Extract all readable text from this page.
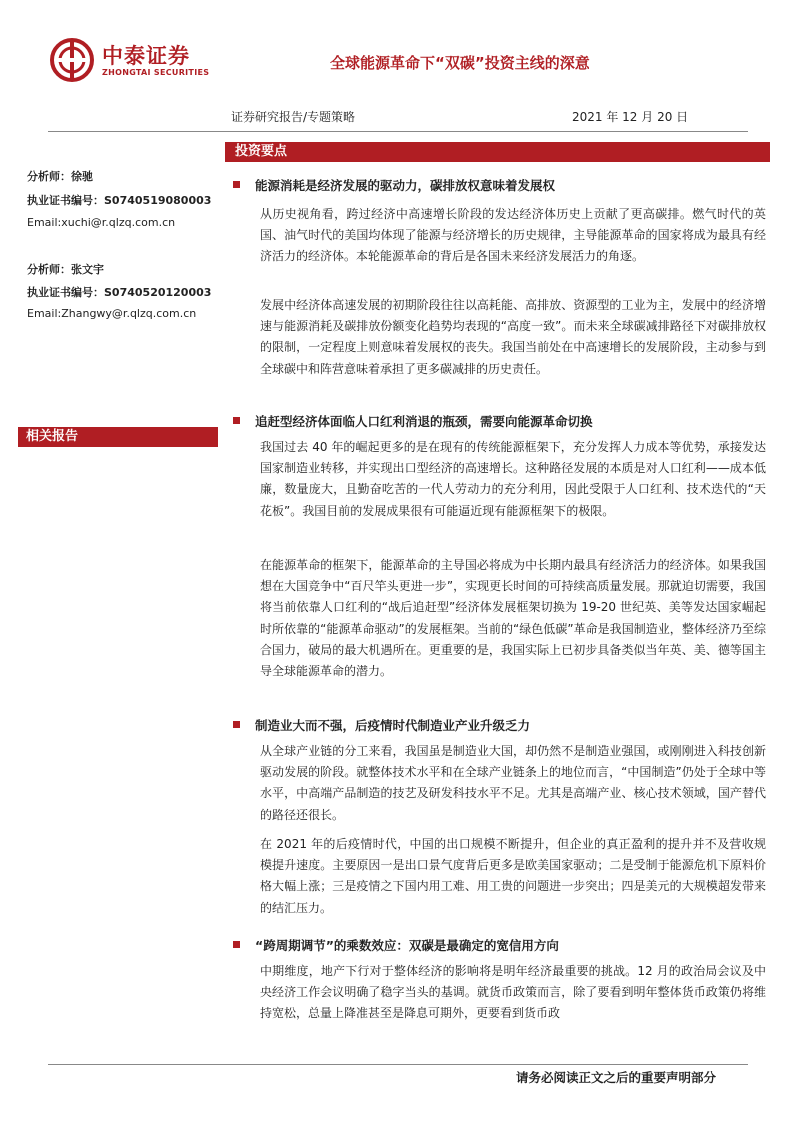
中泰证券
ZHONGTAI SECURITIES
全球能源革命下“双碳”投资主线的深意
证券研究报告/专题策略	2021 年 12 月 20 日
分析师：徐驰
执业证书编号：S0740519080003
Email:xuchi@r.qlzq.com.cn
分析师：张文宇
执业证书编号：S0740520120003
Email:Zhangwy@r.qlzq.com.cn
相关报告
投资要点
能源消耗是经济发展的驱动力，碳排放权意味着发展权

从历史视角看，跨过经济中高速增长阶段的发达经济体历史上贡献了更高碳排。燃气时代的英国、油气时代的美国均体现了能源与经济增长的历史规律，主导能源革命的国家将成为最具有经济活力的经济体。本轮能源革命的背后是各国未来经济发展活力的角逐。

发展中经济体高速发展的初期阶段往往以高耗能、高排放、资源型的工业为主，发展中的经济增速与能源消耗及碳排放份额变化趋势均表现的“高度一致”。而未来全球碳减排路径下对碳排放权的限制，一定程度上则意味着发展权的丧失。我国当前处在中高速增长的发展阶段，主动参与到全球碳中和阵营意味着承担了更多碳减排的历史责任。

追赶型经济体面临人口红利消退的瓶颈，需要向能源革命切换

我国过去 40 年的崛起更多的是在现有的传统能源框架下，充分发挥人力成本等优势，承接发达国家制造业转移，并实现出口型经济的高速增长。这种路径发展的本质是对人口红利——成本低廉，数量庞大，且勤奋吃苦的一代人劳动力的充分利用，因此受限于人口红利、技术迭代的“天花板”。我国目前的发展成果很有可能逼近现有能源框架下的极限。

在能源革命的框架下，能源革命的主导国必将成为中长期内最具有经济活力的经济体。如果我国想在大国竞争中“百尺竿头更进一步”，实现更长时间的可持续高质量发展。那就迫切需要，我国将当前依靠人口红利的“战后追赶型”经济体发展框架切换为 19-20 世纪英、美等发达国家崛起时所依靠的“能源革命驱动”的发展框架。当前的“绿色低碳”革命是我国制造业，整体经济乃至综合国力，破局的最大机遇所在。更重要的是，我国实际上已初步具备类似当年英、美、德等国主导全球能源革命的潜力。

制造业大而不强，后疫情时代制造业产业升级乏力

从全球产业链的分工来看，我国虽是制造业大国，却仍然不是制造业强国，或刚刚进入科技创新驱动发展的阶段。就整体技术水平和在全球产业链条上的地位而言，“中国制造”仍处于全球中等水平，中高端产品制造的技艺及研发科技水平不足。尤其是高端产业、核心技术领域，国产替代的路径还很长。

在 2021 年的后疫情时代，中国的出口规模不断提升，但企业的真正盈利的提升并不及营收规模提升速度。主要原因一是出口景气度背后更多是欧美国家驱动；二是受制于能源危机下原料价格大幅上涨；三是疫情之下国内用工难、用工贵的问题进一步突出；四是美元的大规模超发带来的结汇压力。

“跨周期调节”的乘数效应：双碳是最确定的宽信用方向

中期维度，地产下行对于整体经济的影响将是明年经济最重要的挑战。12 月的政治局会议及中央经济工作会议明确了稳字当头的基调。就货币政策而言，除了要看到明年整体货币政策仍将维持宽松，总量上降准甚至是降息可期外，更要看到货币政

请务必阅读正文之后的重要声明部分
